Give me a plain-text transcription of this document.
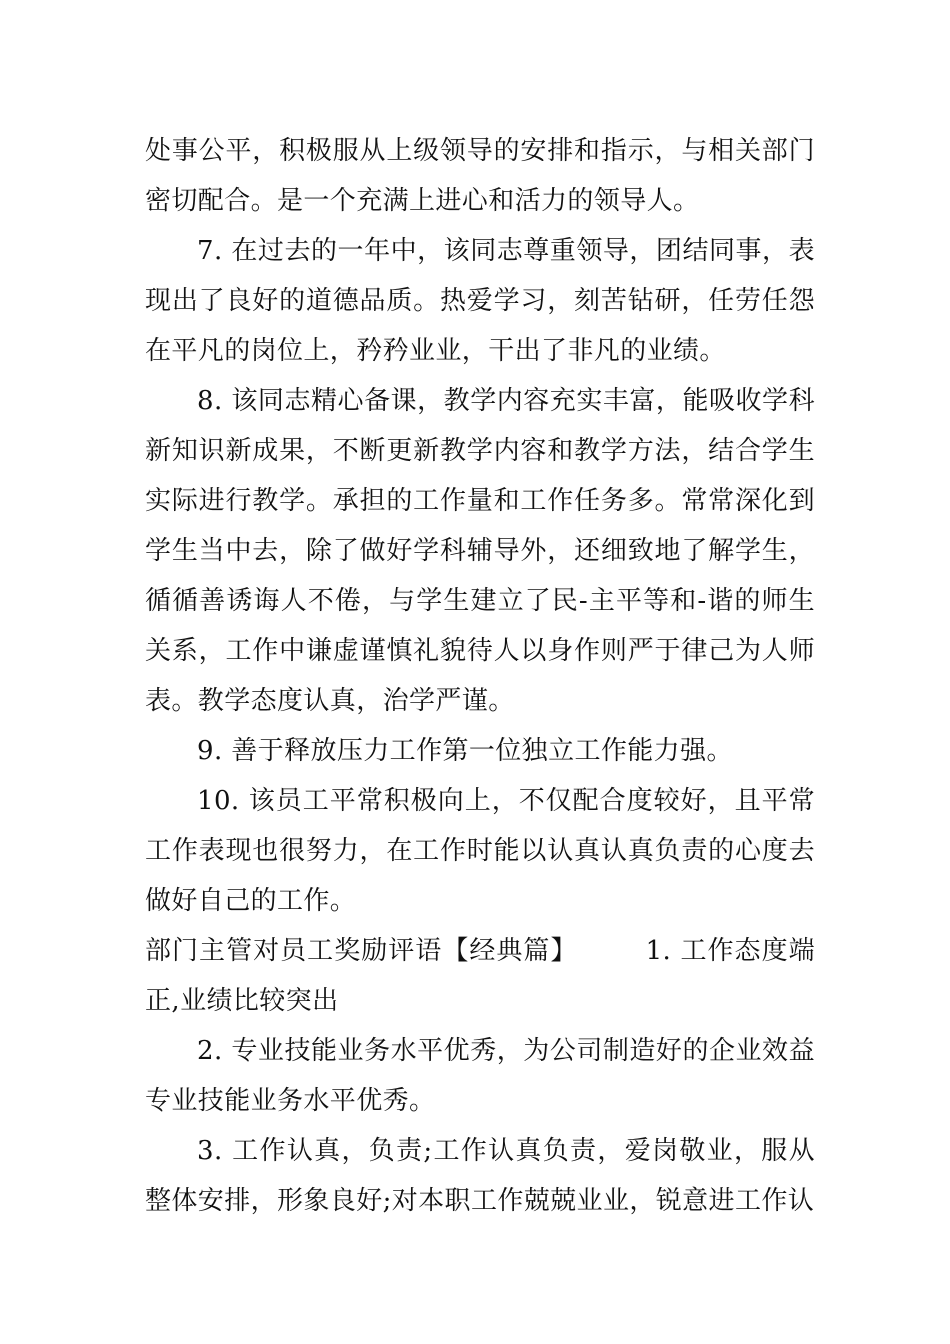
处事公平，积极服从上级领导的安排和指示，与相关部门密切配合。是一个充满上进心和活力的领导人。

7. 在过去的一年中，该同志尊重领导，团结同事，表现出了良好的道德品质。热爱学习，刻苦钻研，任劳任怨在平凡的岗位上，矜矜业业，干出了非凡的业绩。

8. 该同志精心备课，教学内容充实丰富，能吸收学科新知识新成果，不断更新教学内容和教学方法，结合学生实际进行教学。承担的工作量和工作任务多。常常深化到学生当中去，除了做好学科辅导外，还细致地了解学生，循循善诱诲人不倦，与学生建立了民-主平等和-谐的师生关系，工作中谦虚谨慎礼貌待人以身作则严于律己为人师表。教学态度认真，治学严谨。

9. 善于释放压力工作第一位独立工作能力强。

10. 该员工平常积极向上，不仅配合度较好，且平常工作表现也很努力，在工作时能以认真认真负责的心度去做好自己的工作。

部门主管对员工奖励评语【经典篇】　　　1. 工作态度端正,业绩比较突出

2. 专业技能业务水平优秀，为公司制造好的企业效益专业技能业务水平优秀。

3. 工作认真，负责;工作认真负责，爱岗敬业，服从整体安排，形象良好;对本职工作兢兢业业，锐意进工作认
